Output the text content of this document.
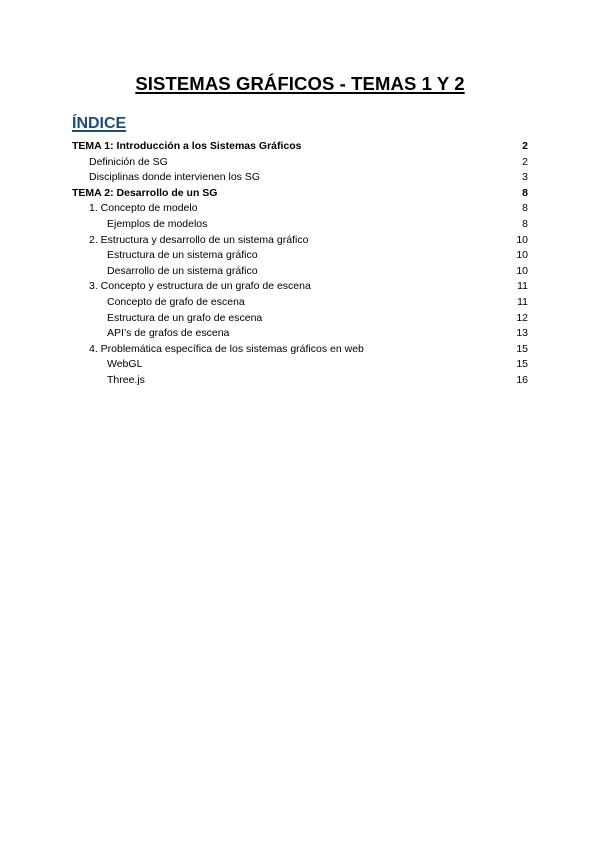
SISTEMAS GRÁFICOS - TEMAS 1 Y 2
ÍNDICE
TEMA 1: Introducción a los Sistemas Gráficos	2
Definición de SG	2
Disciplinas donde intervienen los SG	3
TEMA 2: Desarrollo de un SG	8
1. Concepto de modelo	8
Ejemplos de modelos	8
2. Estructura y desarrollo de un sistema gráfico	10
Estructura de un sistema gráfico	10
Desarrollo de un sistema gráfico	10
3. Concepto y estructura de un grafo de escena	11
Concepto de grafo de escena	11
Estructura de un grafo de escena	12
API’s de grafos de escena	13
4. Problemática específica de los sistemas gráficos en web	15
WebGL	15
Three.js	16
